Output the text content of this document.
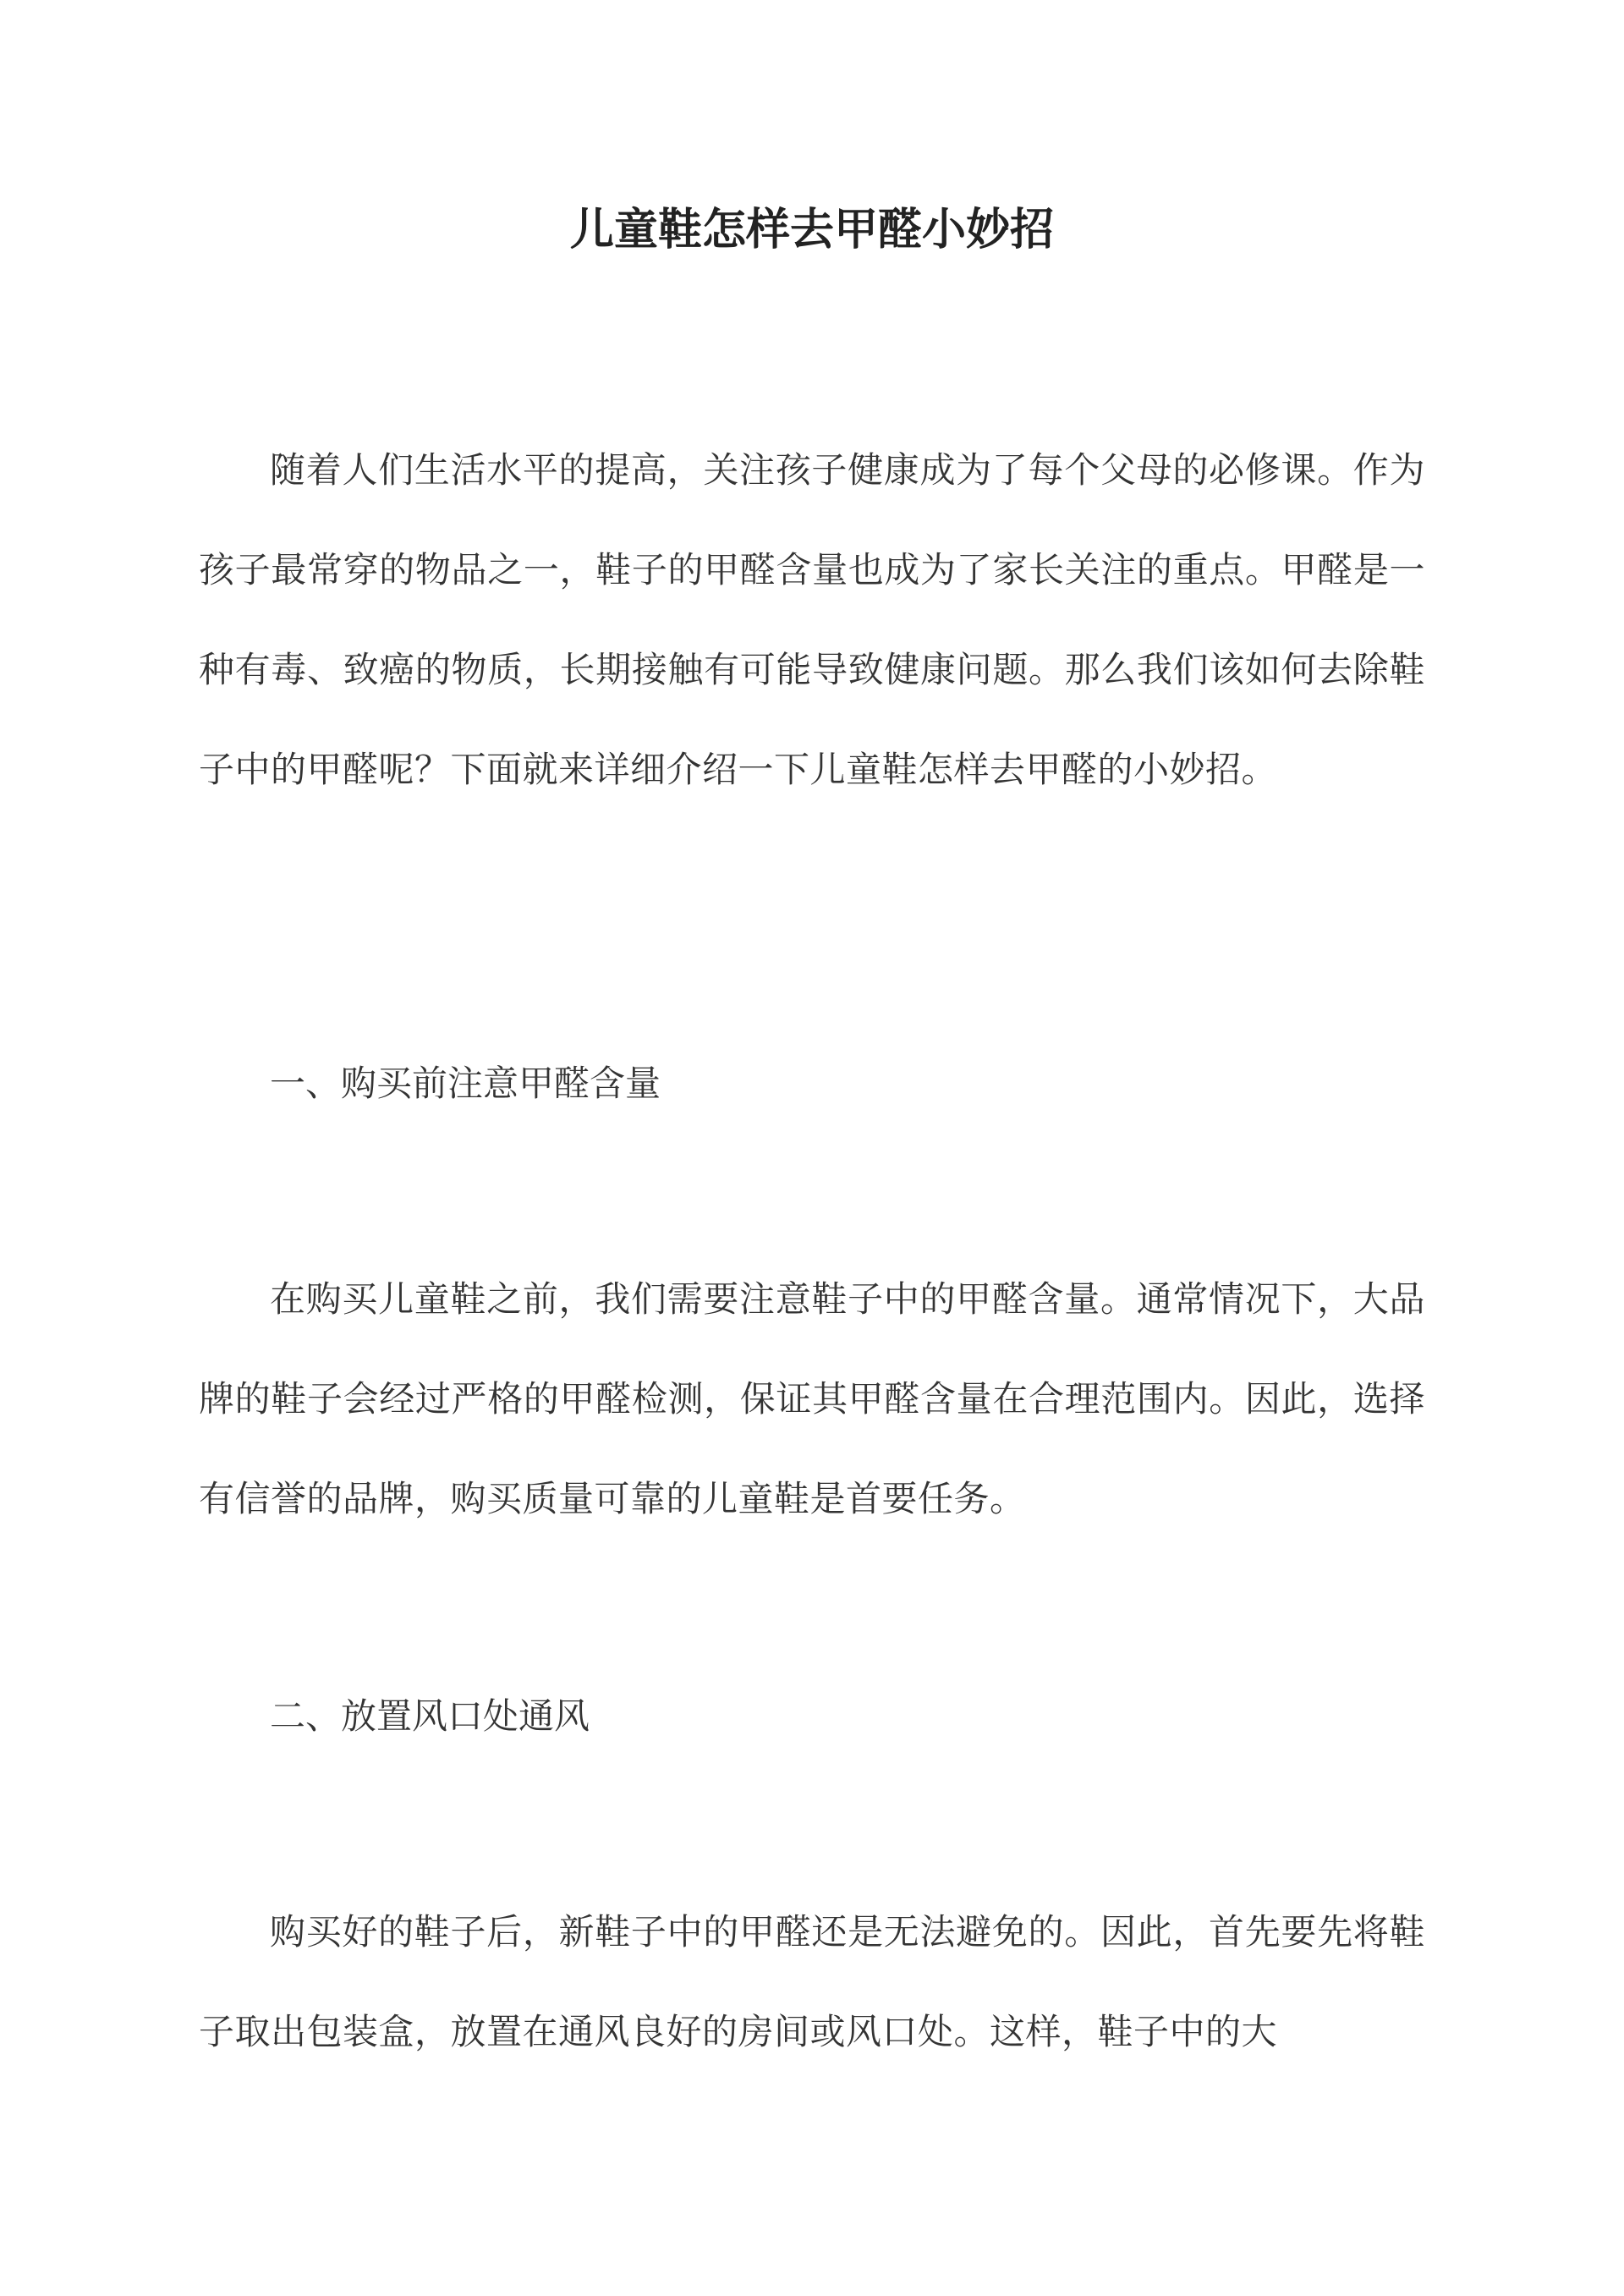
儿童鞋怎样去甲醛小妙招
随着人们生活水平的提高，关注孩子健康成为了每个父母的必修课。作为孩子最常穿的物品之一，鞋子的甲醛含量也成为了家长关注的重点。甲醛是一种有毒、致癌的物质，长期接触有可能导致健康问题。那么我们该如何去除鞋子中的甲醛呢？下面就来详细介绍一下儿童鞋怎样去甲醛的小妙招。
一、购买前注意甲醛含量
在购买儿童鞋之前，我们需要注意鞋子中的甲醛含量。通常情况下，大品牌的鞋子会经过严格的甲醛检测，保证其甲醛含量在合理范围内。因此，选择有信誉的品牌，购买质量可靠的儿童鞋是首要任务。
二、放置风口处通风
购买好的鞋子后，新鞋子中的甲醛还是无法避免的。因此，首先要先将鞋子取出包装盒，放置在通风良好的房间或风口处。这样，鞋子中的大
